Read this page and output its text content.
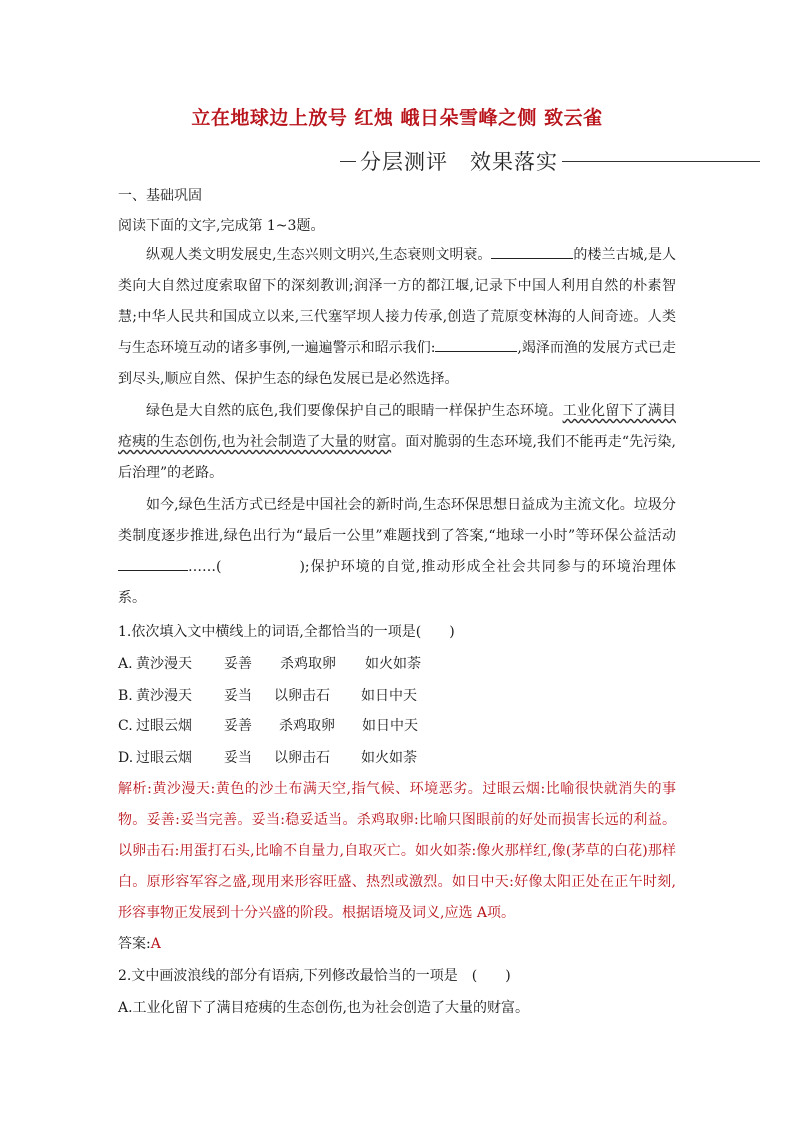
立在地球边上放号 红烛 峨日朵雪峰之侧 致云雀
分层测评　效果落实
一、基础巩固
阅读下面的文字,完成第 1~3题。
纵观人类文明发展史,生态兴则文明兴,生态衰则文明衰。	的楼兰古城,是人类向大自然过度索取留下的深刻教训;润泽一方的都江堰,记录下中国人利用自然的朴素智慧;中华人民共和国成立以来,三代塞罕坝人接力传承,创造了荒原变林海的人间奇迹。人类与生态环境互动的诸多事例,一遍遍警示和昭示我们:	,竭泽而渔的发展方式已走到尽头,顺应自然、保护生态的绿色发展已是必然选择。
绿色是大自然的底色,我们要像保护自己的眼睛一样保护生态环境。工业化留下了满目疮痍的生态创伤,也为社会制造了大量的财富。面对脆弱的生态环境,我们不能再走“先污染,后治理”的老路。
如今,绿色生活方式已经是中国社会的新时尚,生态环保思想日益成为主流文化。垃圾分类制度逐步推进,绿色出行为“最后一公里”难题找到了答案,“地球一小时”等环保公益活动……(	);保护环境的自觉,推动形成全社会共同参与的环境治理体系。
1.依次填入文中横线上的词语,全都恰当的一项是(　　)
A. 黄沙漫天 妥善 杀鸡取卵 如火如荼
B. 黄沙漫天 妥当 以卵击石 如日中天
C. 过眼云烟 妥善 杀鸡取卵 如日中天
D. 过眼云烟 妥当 以卵击石 如火如荼
解析:黄沙漫天:黄色的沙土布满天空,指气候、环境恶劣。过眼云烟:比喻很快就消失的事物。妥善:妥当完善。妥当:稳妥适当。杀鸡取卵:比喻只图眼前的好处而损害长远的利益。以卵击石:用蛋打石头,比喻不自量力,自取灭亡。如火如荼:像火那样红,像(茅草的白花)那样白。原形容军容之盛,现用来形容旺盛、热烈或激烈。如日中天:好像太阳正处在正午时刻,形容事物正发展到十分兴盛的阶段。根据语境及词义,应选 A项。
答案:A
2.文中画波浪线的部分有语病,下列修改最恰当的一项是　(　　)
A.工业化留下了满目疮痍的生态创伤,也为社会创造了大量的财富。
